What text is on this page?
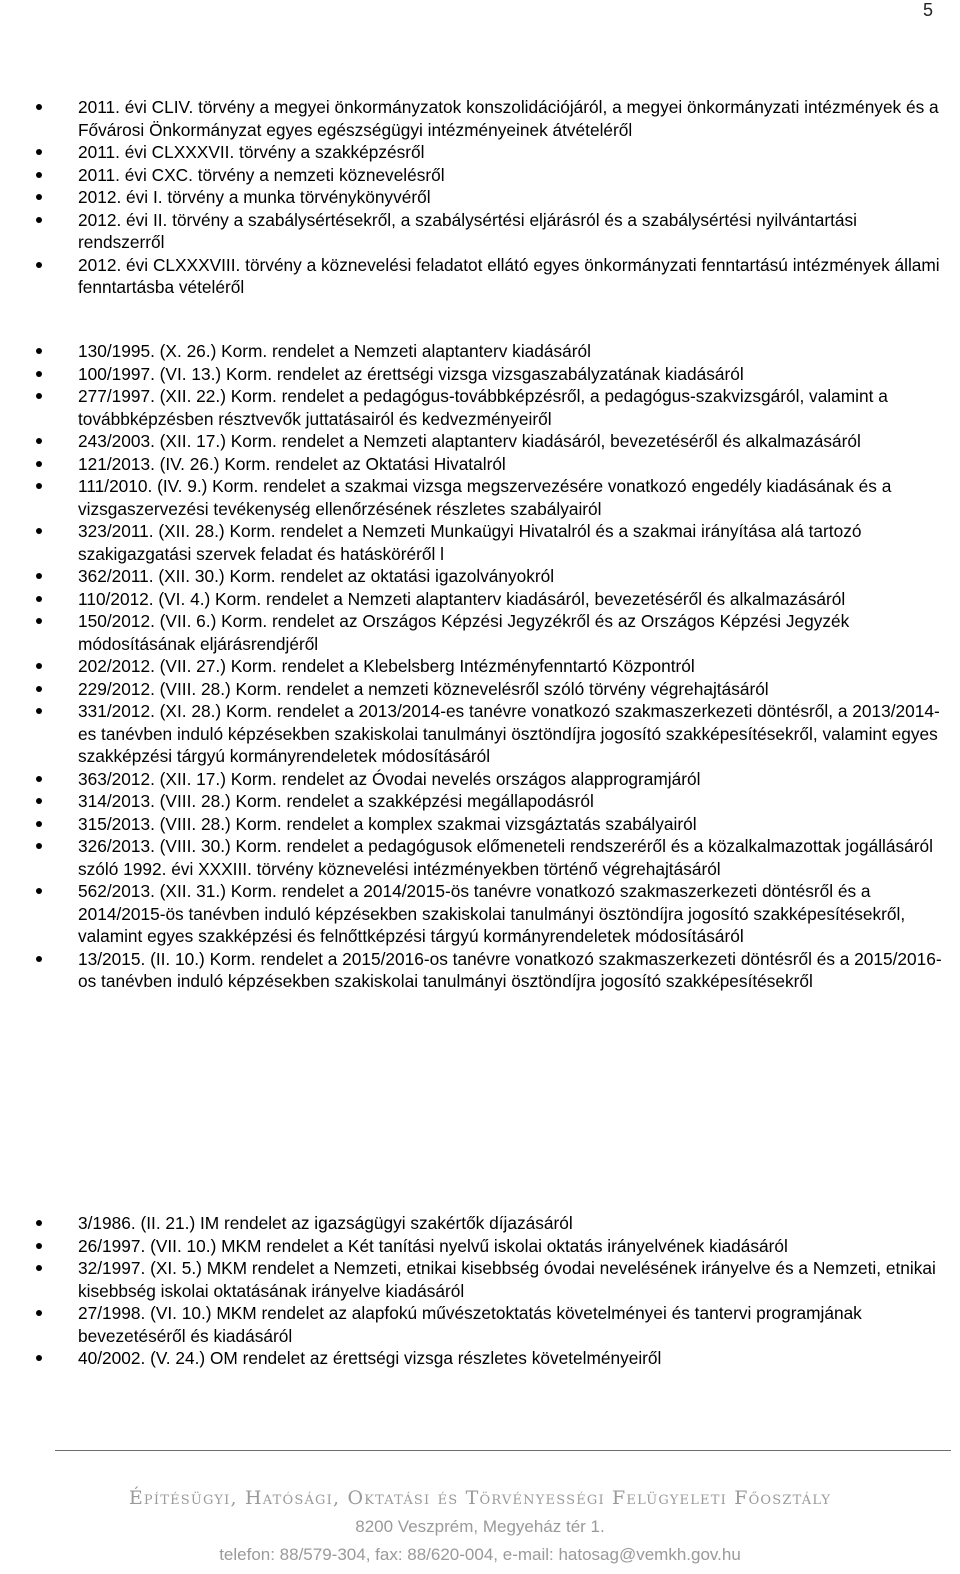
5
2011. évi CLIV. törvény a megyei önkormányzatok konszolidációjáról, a megyei önkormányzati intézmények és a Fővárosi Önkormányzat egyes egészségügyi intézményeinek átvételéről
2011. évi CLXXXVII. törvény a szakképzésről
2011. évi CXC. törvény a nemzeti köznevelésről
2012. évi I. törvény a munka törvénykönyvéről
2012. évi II. törvény a szabálysértésekről, a szabálysértési eljárásról és a szabálysértési nyilvántartási rendszerről
2012. évi CLXXXVIII. törvény a köznevelési feladatot ellátó egyes önkormányzati fenntartású intézmények állami fenntartásba vételéről
130/1995. (X. 26.) Korm. rendelet a Nemzeti alaptanterv kiadásáról
100/1997. (VI. 13.) Korm. rendelet az érettségi vizsga vizsgaszabályzatának kiadásáról
277/1997. (XII. 22.) Korm. rendelet a pedagógus-továbbképzésről, a pedagógus-szakvizsgáról, valamint a továbbképzésben résztvevők juttatásairól és kedvezményeiről
243/2003. (XII. 17.) Korm. rendelet a Nemzeti alaptanterv kiadásáról, bevezetéséről és alkalmazásáról
121/2013. (IV. 26.) Korm. rendelet az Oktatási Hivatalról
111/2010. (IV. 9.) Korm. rendelet a szakmai vizsga megszervezésére vonatkozó engedély kiadásának és a vizsgaszervezési tevékenység ellenőrzésének részletes szabályairól
323/2011. (XII. 28.) Korm. rendelet a Nemzeti Munkaügyi Hivatalról és a szakmai irányítása alá tartozó szakigazgatási szervek feladat és hatásköréről l
362/2011. (XII. 30.) Korm. rendelet az oktatási igazolványokról
110/2012. (VI. 4.) Korm. rendelet a Nemzeti alaptanterv kiadásáról, bevezetéséről és alkalmazásáról
150/2012. (VII. 6.) Korm. rendelet az Országos Képzési Jegyzékről és az Országos Képzési Jegyzék módosításának eljárásrendjéről
202/2012. (VII. 27.) Korm. rendelet a Klebelsberg Intézményfenntartó Központról
229/2012. (VIII. 28.) Korm. rendelet a nemzeti köznevelésről szóló törvény végrehajtásáról
331/2012. (XI. 28.) Korm. rendelet a 2013/2014-es tanévre vonatkozó szakmaszerkezeti döntésről, a 2013/2014-es tanévben induló képzésekben szakiskolai tanulmányi ösztöndíjra jogosító szakképesítésekről, valamint egyes szakképzési tárgyú kormányrendeletek módosításáról
363/2012. (XII. 17.) Korm. rendelet az Óvodai nevelés országos alapprogramjáról
314/2013. (VIII. 28.) Korm. rendelet a szakképzési megállapodásról
315/2013. (VIII. 28.) Korm. rendelet a komplex szakmai vizsgáztatás szabályairól
326/2013. (VIII. 30.) Korm. rendelet a pedagógusok előmeneteli rendszeréről és a közalkalmazottak jogállásáról szóló 1992. évi XXXIII. törvény köznevelési intézményekben történő végrehajtásáról
562/2013. (XII. 31.) Korm. rendelet a 2014/2015-ös tanévre vonatkozó szakmaszerkezeti döntésről és a 2014/2015-ös tanévben induló képzésekben szakiskolai tanulmányi ösztöndíjra jogosító szakképesítésekről, valamint egyes szakképzési és felnőttképzési tárgyú kormányrendeletek módosításáról
13/2015. (II. 10.) Korm. rendelet a 2015/2016-os tanévre vonatkozó szakmaszerkezeti döntésről és a 2015/2016-os tanévben induló képzésekben szakiskolai tanulmányi ösztöndíjra jogosító szakképesítésekről
3/1986. (II. 21.) IM rendelet az igazságügyi szakértők díjazásáról
26/1997. (VII. 10.) MKM rendelet a Két tanítási nyelvű iskolai oktatás irányelvének kiadásáról
32/1997. (XI. 5.) MKM rendelet a Nemzeti, etnikai kisebbség óvodai nevelésének irányelve és a Nemzeti, etnikai kisebbség iskolai oktatásának irányelve kiadásáról
27/1998. (VI. 10.) MKM rendelet az alapfokú művészetoktatás követelményei és tantervi programjának bevezetéséről és kiadásáról
40/2002. (V. 24.) OM rendelet az érettségi vizsga részletes követelményeiről
Építésügyi, Hatósági, Oktatási és Törvényességi Felügyeleti Főosztály
8200 Veszprém, Megyeház tér 1.
telefon: 88/579-304, fax: 88/620-004, e-mail: hatosag@vemkh.gov.hu
